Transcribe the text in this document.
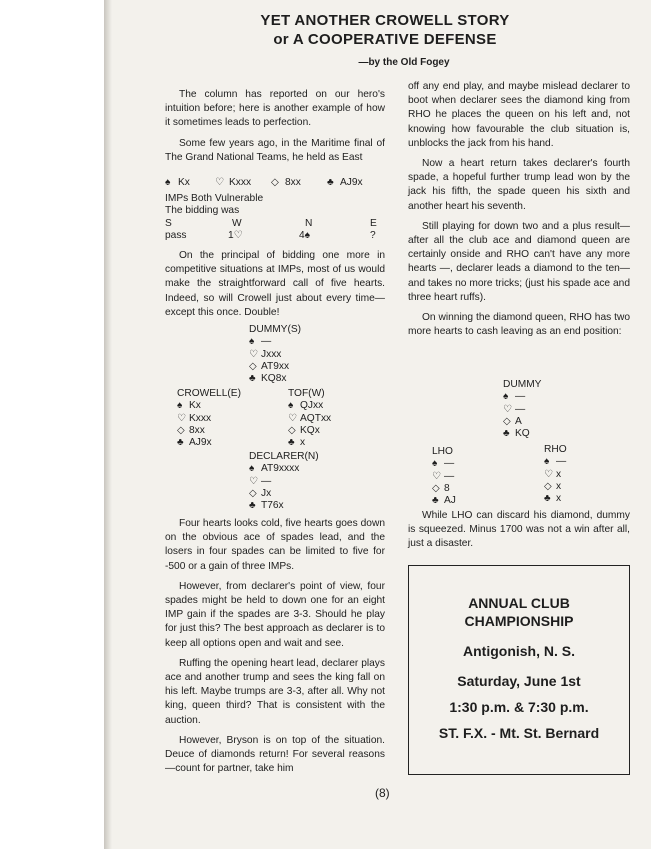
YET ANOTHER CROWELL STORY
or A COOPERATIVE DEFENSE
—by the Old Fogey

The column has reported on our hero's intuition before; here is another example of how it sometimes leads to perfection.

Some few years ago, in the Maritime final of The Grand National Teams, he held as East

♠ Kx ♡ Kxxx ◇ 8xx	♣ AJ9x
IMPs Both Vulnerable
The bidding was
S	W	N	E
pass	1♡	4♠	?

On the principal of bidding one more in competitive situations at IMPs, most of us would make the straightforward call of five hearts. Indeed, so will Crowell just about every time—except this once. Double!

DUMMY(S)
♠ —
♡ Jxxx
◇ AT9xx
♣ KQ8x
CROWELL(E)
♠ Kx
♡ Kxxx
◇ 8xx
♣ AJ9x
TOF(W)
♠ QJxx
♡ AQTxx
◇ KQx
♣ x
DECLARER(N)
♠ AT9xxxx
♡ —
◇ Jx
♣ T76x

Four hearts looks cold, five hearts goes down on the obvious ace of spades lead, and the losers in four spades can be limited to five for -500 or a gain of three IMPs.

However, from declarer's point of view, four spades might be held to down one for an eight IMP gain if the spades are 3-3. Should he play for just this? The best approach as declarer is to keep all options open and wait and see.

Ruffing the opening heart lead, declarer plays ace and another trump and sees the king fall on his left. Maybe trumps are 3-3, after all. Why not king, queen third? That is consistent with the auction.

However, Bryson is on top of the situation. Deuce of diamonds return! For several reasons—count for partner, take him

off any end play, and maybe mislead declarer to boot when declarer sees the diamond king from RHO he places the queen on his left and, not knowing how favourable the club situation is, unblocks the jack from his hand.

Now a heart return takes declarer's fourth spade, a hopeful further trump lead won by the jack his fifth, the spade queen his sixth and another heart his seventh.

Still playing for down two and a plus result—after all the club ace and diamond queen are certainly onside and RHO can't have any more hearts —, declarer leads a diamond to the ten—and takes no more tricks; (just his spade ace and three heart ruffs).

On winning the diamond queen, RHO has two more hearts to cash leaving as an end position:

DUMMY
♠ —
♡ —
◇ A
♣ KQ
LHO
♠ —
♡ —
◇ 8
♣ AJ
RHO
♠ —
♡ x
◇ x
♣ x

While LHO can discard his diamond, dummy is squeezed. Minus 1700 was not a win after all, just a disaster.

ANNUAL CLUB
CHAMPIONSHIP
Antigonish, N. S.
Saturday, June 1st
1:30 p.m. & 7:30 p.m.
ST. F.X. - Mt. St. Bernard
(8)
